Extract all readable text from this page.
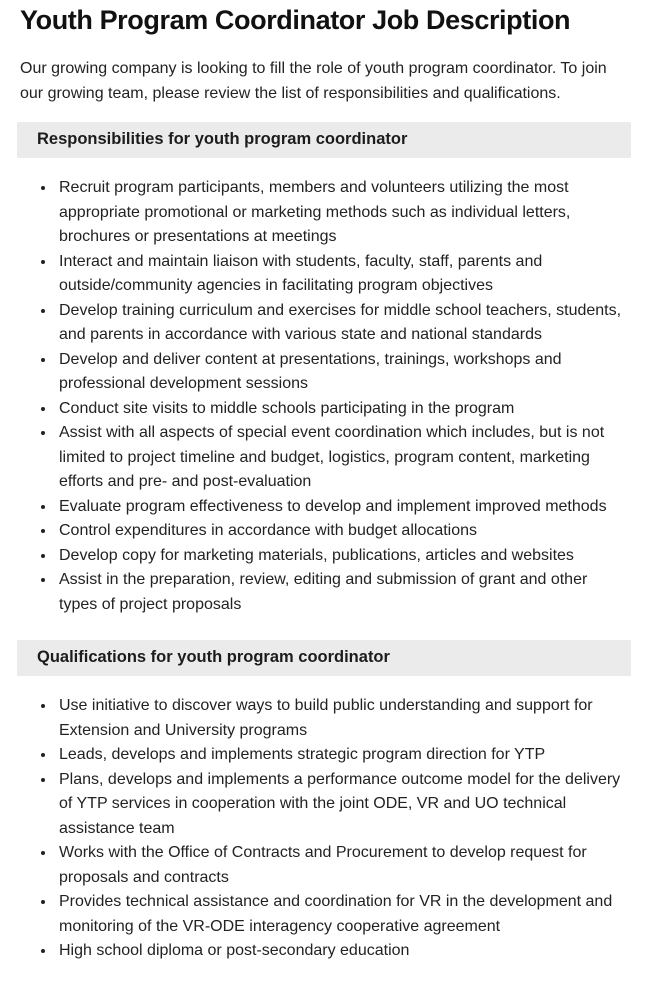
Youth Program Coordinator Job Description

Our growing company is looking to fill the role of youth program coordinator. To join our growing team, please review the list of responsibilities and qualifications.

Responsibilities for youth program coordinator
• Recruit program participants, members and volunteers utilizing the most appropriate promotional or marketing methods such as individual letters, brochures or presentations at meetings
• Interact and maintain liaison with students, faculty, staff, parents and outside/community agencies in facilitating program objectives
• Develop training curriculum and exercises for middle school teachers, students, and parents in accordance with various state and national standards
• Develop and deliver content at presentations, trainings, workshops and professional development sessions
• Conduct site visits to middle schools participating in the program
• Assist with all aspects of special event coordination which includes, but is not limited to project timeline and budget, logistics, program content, marketing efforts and pre- and post-evaluation
• Evaluate program effectiveness to develop and implement improved methods
• Control expenditures in accordance with budget allocations
• Develop copy for marketing materials, publications, articles and websites
• Assist in the preparation, review, editing and submission of grant and other types of project proposals
Qualifications for youth program coordinator
• Use initiative to discover ways to build public understanding and support for Extension and University programs
• Leads, develops and implements strategic program direction for YTP
• Plans, develops and implements a performance outcome model for the delivery of YTP services in cooperation with the joint ODE, VR and UO technical assistance team
• Works with the Office of Contracts and Procurement to develop request for proposals and contracts
• Provides technical assistance and coordination for VR in the development and monitoring of the VR-ODE interagency cooperative agreement
• High school diploma or post-secondary education
